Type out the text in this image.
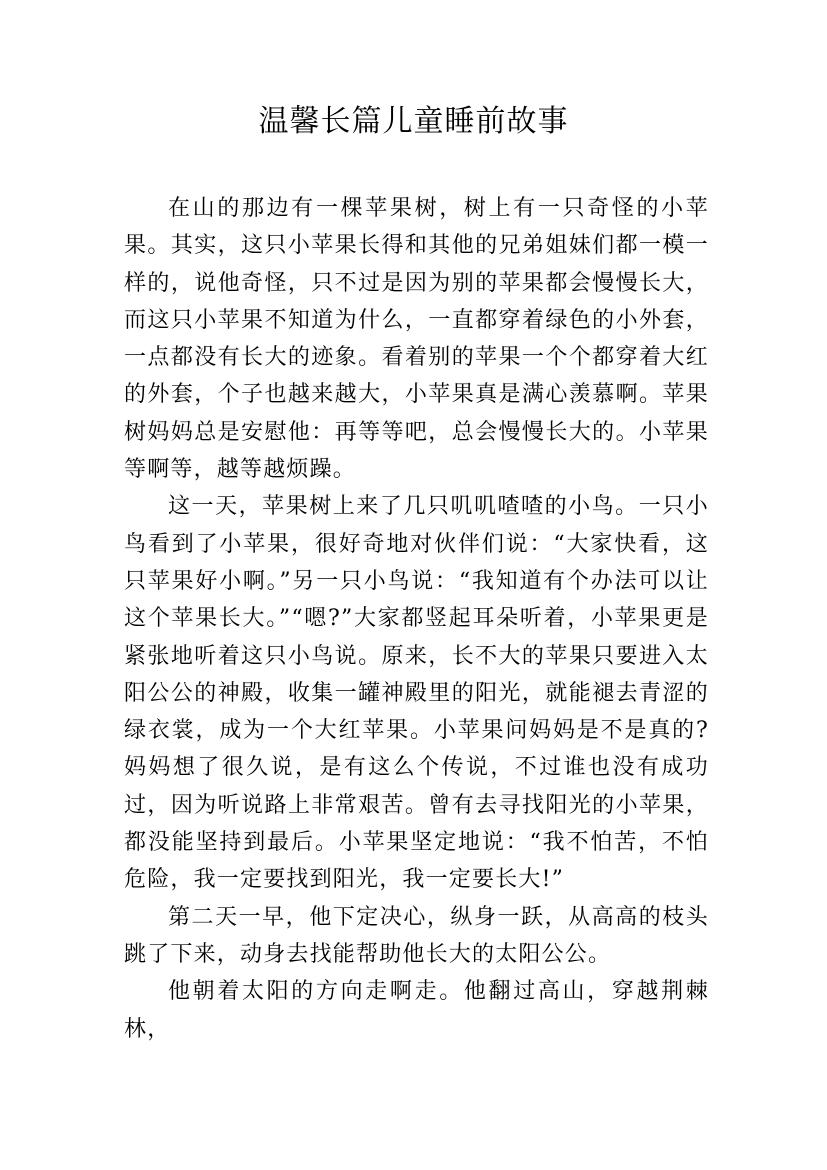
温馨长篇儿童睡前故事

在山的那边有一棵苹果树，树上有一只奇怪的小苹果。其实，这只小苹果长得和其他的兄弟姐妹们都一模一样的，说他奇怪，只不过是因为别的苹果都会慢慢长大，而这只小苹果不知道为什么，一直都穿着绿色的小外套，一点都没有长大的迹象。看着别的苹果一个个都穿着大红的外套，个子也越来越大，小苹果真是满心羡慕啊。苹果树妈妈总是安慰他：再等等吧，总会慢慢长大的。小苹果等啊等，越等越烦躁。

这一天，苹果树上来了几只叽叽喳喳的小鸟。一只小鸟看到了小苹果，很好奇地对伙伴们说：“大家快看，这只苹果好小啊。”另一只小鸟说：“我知道有个办法可以让这个苹果长大。”“嗯?”大家都竖起耳朵听着，小苹果更是紧张地听着这只小鸟说。原来，长不大的苹果只要进入太阳公公的神殿，收集一罐神殿里的阳光，就能褪去青涩的绿衣裳，成为一个大红苹果。小苹果问妈妈是不是真的?妈妈想了很久说，是有这么个传说，不过谁也没有成功过，因为听说路上非常艰苦。曾有去寻找阳光的小苹果，都没能坚持到最后。小苹果坚定地说：“我不怕苦，不怕危险，我一定要找到阳光，我一定要长大!”

第二天一早，他下定决心，纵身一跃，从高高的枝头跳了下来，动身去找能帮助他长大的太阳公公。

他朝着太阳的方向走啊走。他翻过高山，穿越荆棘林，
